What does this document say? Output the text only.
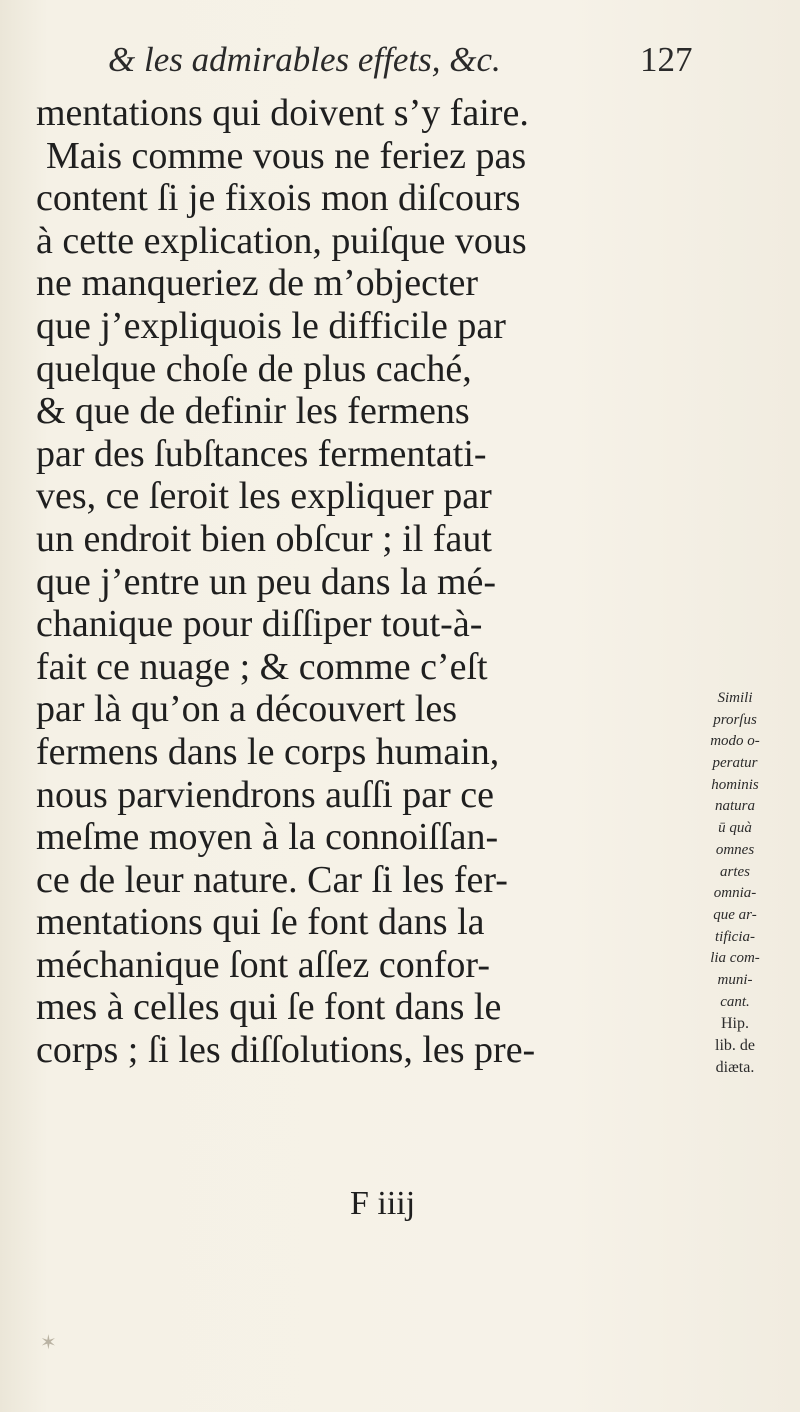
& les admirables effets, &c.	127
mentations qui doivent s’y faire.
Mais comme vous ne feriez pas
content ſi je fixois mon diſcours
à cette explication, puiſque vous
ne manqueriez de m’objecter
que j’expliquois le difficile par
quelque choſe de plus caché,
& que de definir les fermens
par des ſubſtances fermentati-
ves, ce ſeroit les expliquer par
un endroit bien obſcur ; il faut
que j’entre un peu dans la mé-
chanique pour diſſiper tout-à-
fait ce nuage ; & comme c’eſt
par là qu’on a découvert les
fermens dans le corps humain,
nous parviendrons auſſi par ce
meſme moyen à la connoiſſan-
ce de leur nature. Car ſi les fer-
mentations qui ſe font dans la
méchanique ſont aſſez confor-
mes à celles qui ſe font dans le
corps ; ſi les diſſolutions, les pre-
F iiij
Simili
prorſus
modo o-
peratur
hominis
natura
ū quà
omnes
artes
omnia-
que ar-
tificia-
lia com-
muni-
cant.
Hip.
lib. de
diæta.
✶
